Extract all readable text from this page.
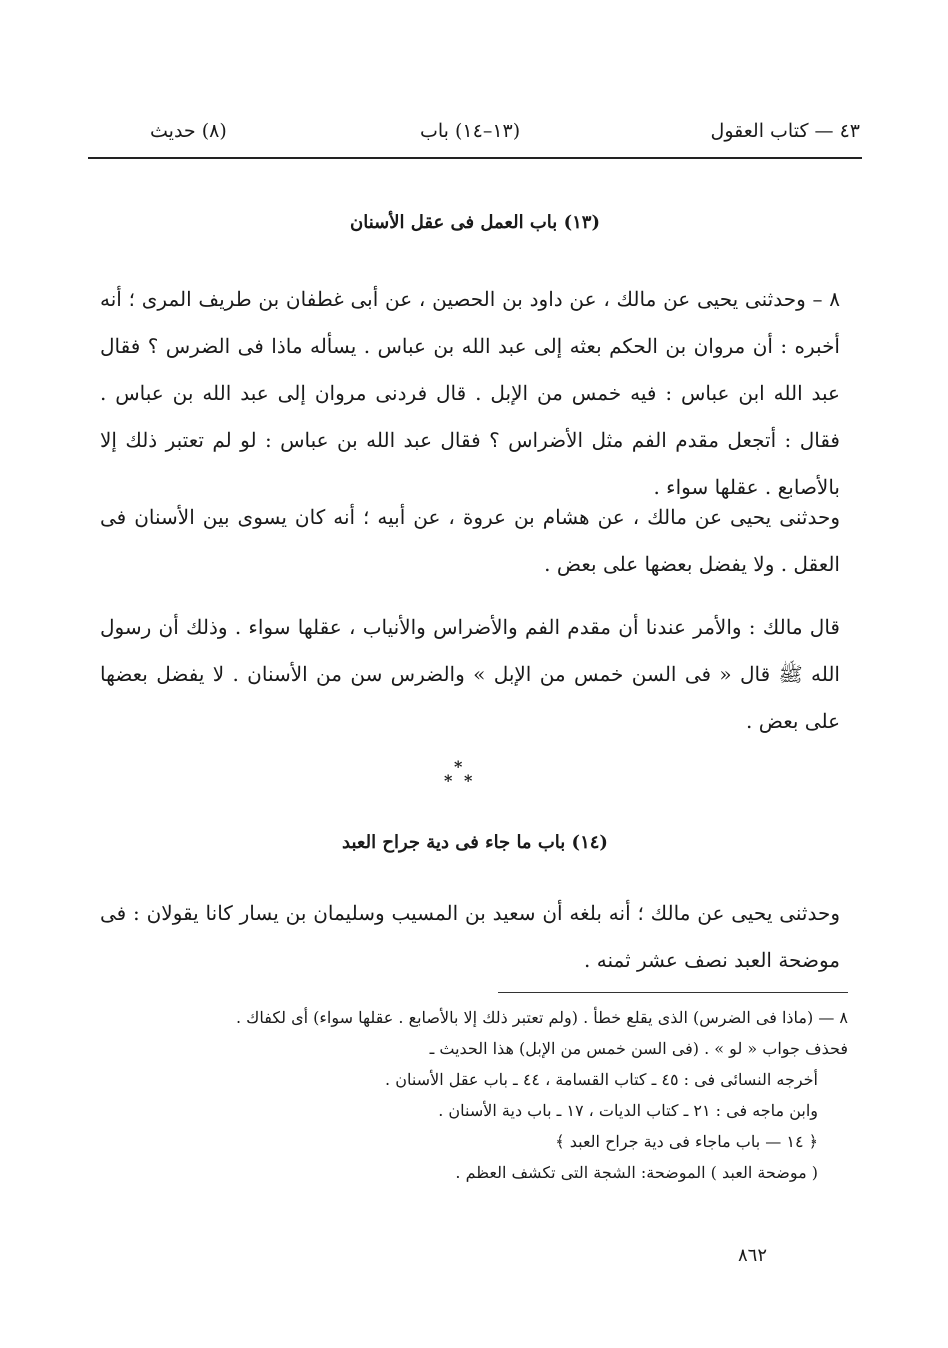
٤٣ — كتاب العقول
(١٣–١٤) باب
(٨) حديث
(١٣) باب العمل فى عقل الأسنان
٨ – وحدثنى يحيى عن مالك ، عن داود بن الحصين ، عن أبى غطفان بن طريف المرى ؛ أنه أخبره : أن مروان بن الحكم بعثه إلى عبد الله بن عباس . يسأله ماذا فى الضرس ؟ فقال عبد الله ابن عباس : فيه خمس من الإبل . قال فردنى مروان إلى عبد الله بن عباس . فقال : أتجعل مقدم الفم مثل الأضراس ؟ فقال عبد الله بن عباس : لو لم تعتبر ذلك إلا بالأصابع . عقلها سواء .
وحدثنى يحيى عن مالك ، عن هشام بن عروة ، عن أبيه ؛ أنه كان يسوى بين الأسنان فى العقل . ولا يفضل بعضها على بعض .
قال مالك : والأمر عندنا أن مقدم الفم والأضراس والأنياب ، عقلها سواء . وذلك أن رسول الله ﷺ قال « فى السن خمس من الإبل » والضرس سن من الأسنان . لا يفضل بعضها على بعض .
*
* *
(١٤) باب ما جاء فى دية جراح العبد
وحدثنى يحيى عن مالك ؛ أنه بلغه أن سعيد بن المسيب وسليمان بن يسار كانا يقولان : فى موضحة العبد نصف عشر ثمنه .
٨ — (ماذا فى الضرس) الذى يقلع خطأ . (ولم تعتبر ذلك إلا بالأصابع . عقلها سواء) أى لكفاك .
فحذف جواب « لو » . (فى السن خمس من الإبل) هذا الحديث ـ
أخرجه النسائى فى : ٤٥ ـ كتاب القسامة ، ٤٤ ـ باب عقل الأسنان .
وابن ماجه فى : ٢١ ـ كتاب الديات ، ١٧ ـ باب دية الأسنان .
﴿ ١٤ — باب ماجاء فى دية جراح العبد ﴾
( موضحة العبد ) الموضحة: الشجة التى تكشف العظم .
٨٦٢
